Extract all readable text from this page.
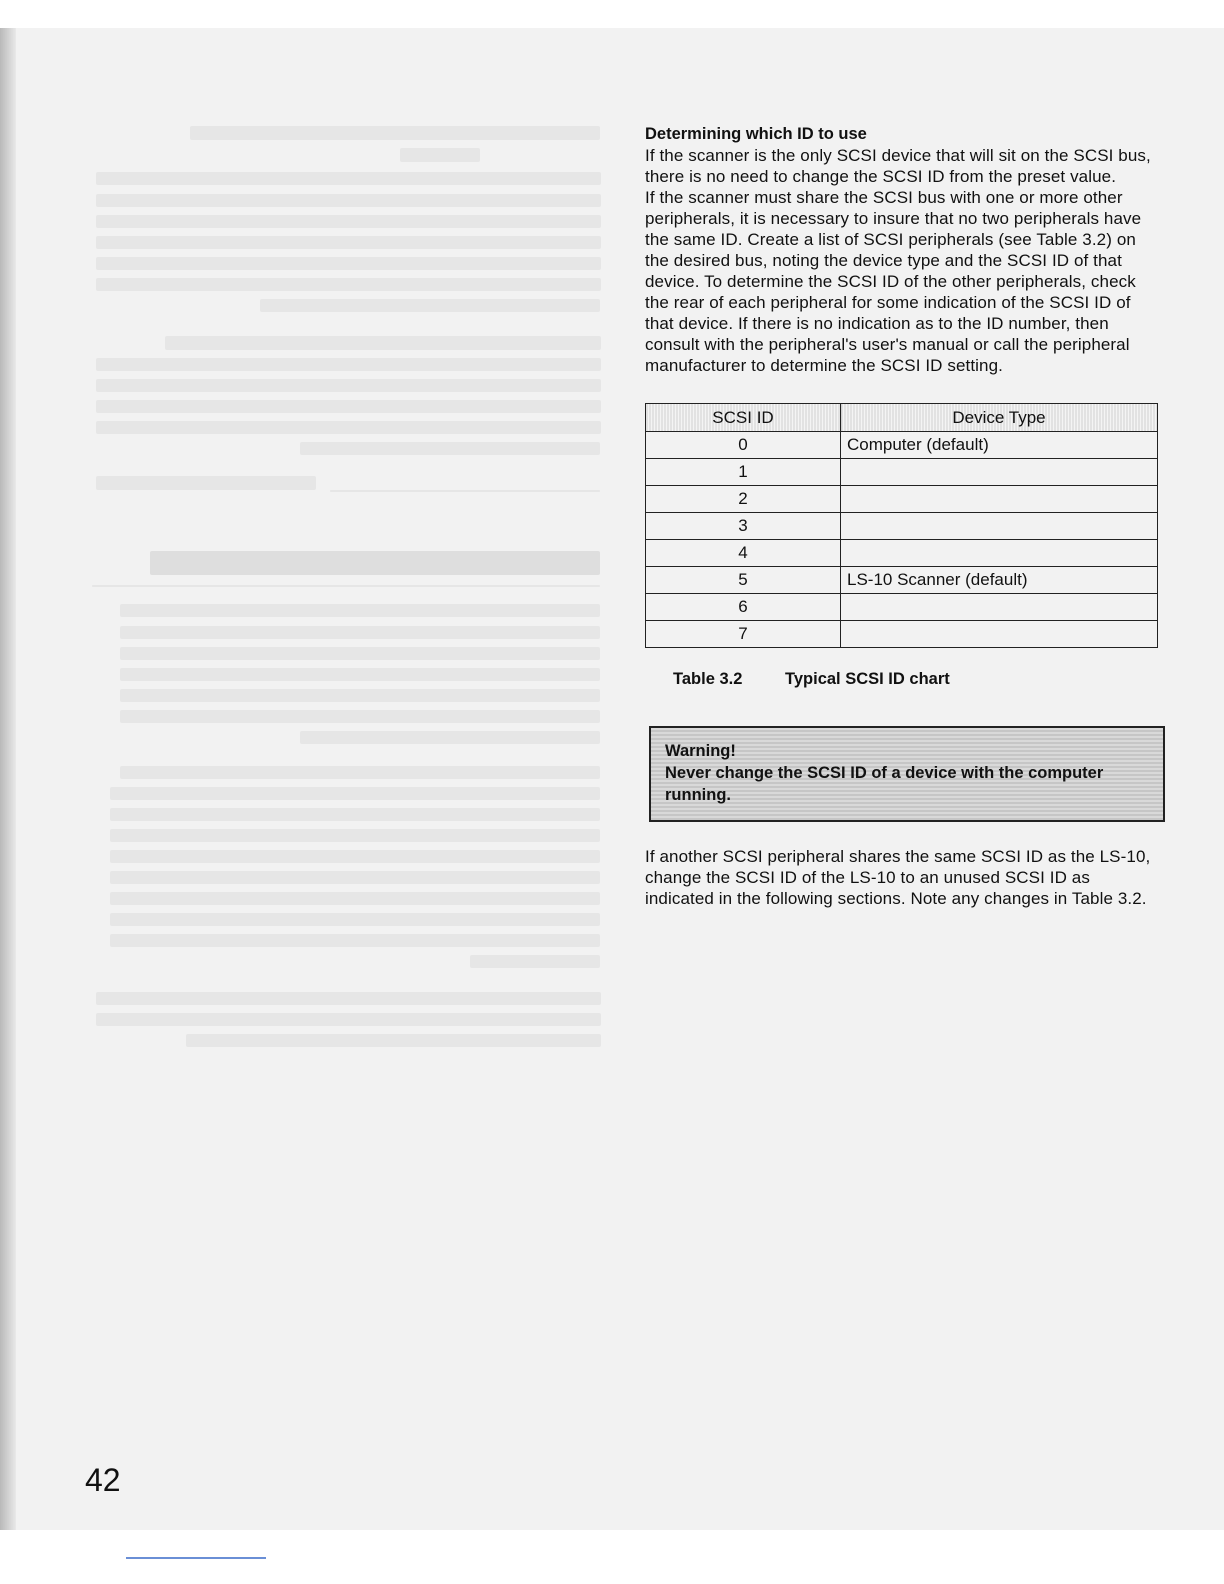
Determining which ID to use

If the scanner is the only SCSI device that will sit on the SCSI bus, there is no need to change the SCSI ID from the preset value.

If the scanner must share the SCSI bus with one or more other peripherals, it is necessary to insure that no two peripherals have the same ID. Create a list of SCSI peripherals (see Table 3.2) on the desired bus, noting the device type and the SCSI ID of that device. To determine the SCSI ID of the other peripherals, check the rear of each peripheral for some indication of the SCSI ID of that device. If there is no indication as to the ID number, then consult with the peripheral's user's manual or call the peripheral manufacturer to determine the SCSI ID setting.

SCSI ID	Device Type
0	Computer (default)
1	
2	
3	
4	
5	LS-10 Scanner (default)
6	
7	
Table 3.2	Typical SCSI ID chart

Warning!

Never change the SCSI ID of a device with the computer running.

If another SCSI peripheral shares the same SCSI ID as the LS-10, change the SCSI ID of the LS-10 to an unused SCSI ID as indicated in the following sections. Note any changes in Table 3.2.

42
